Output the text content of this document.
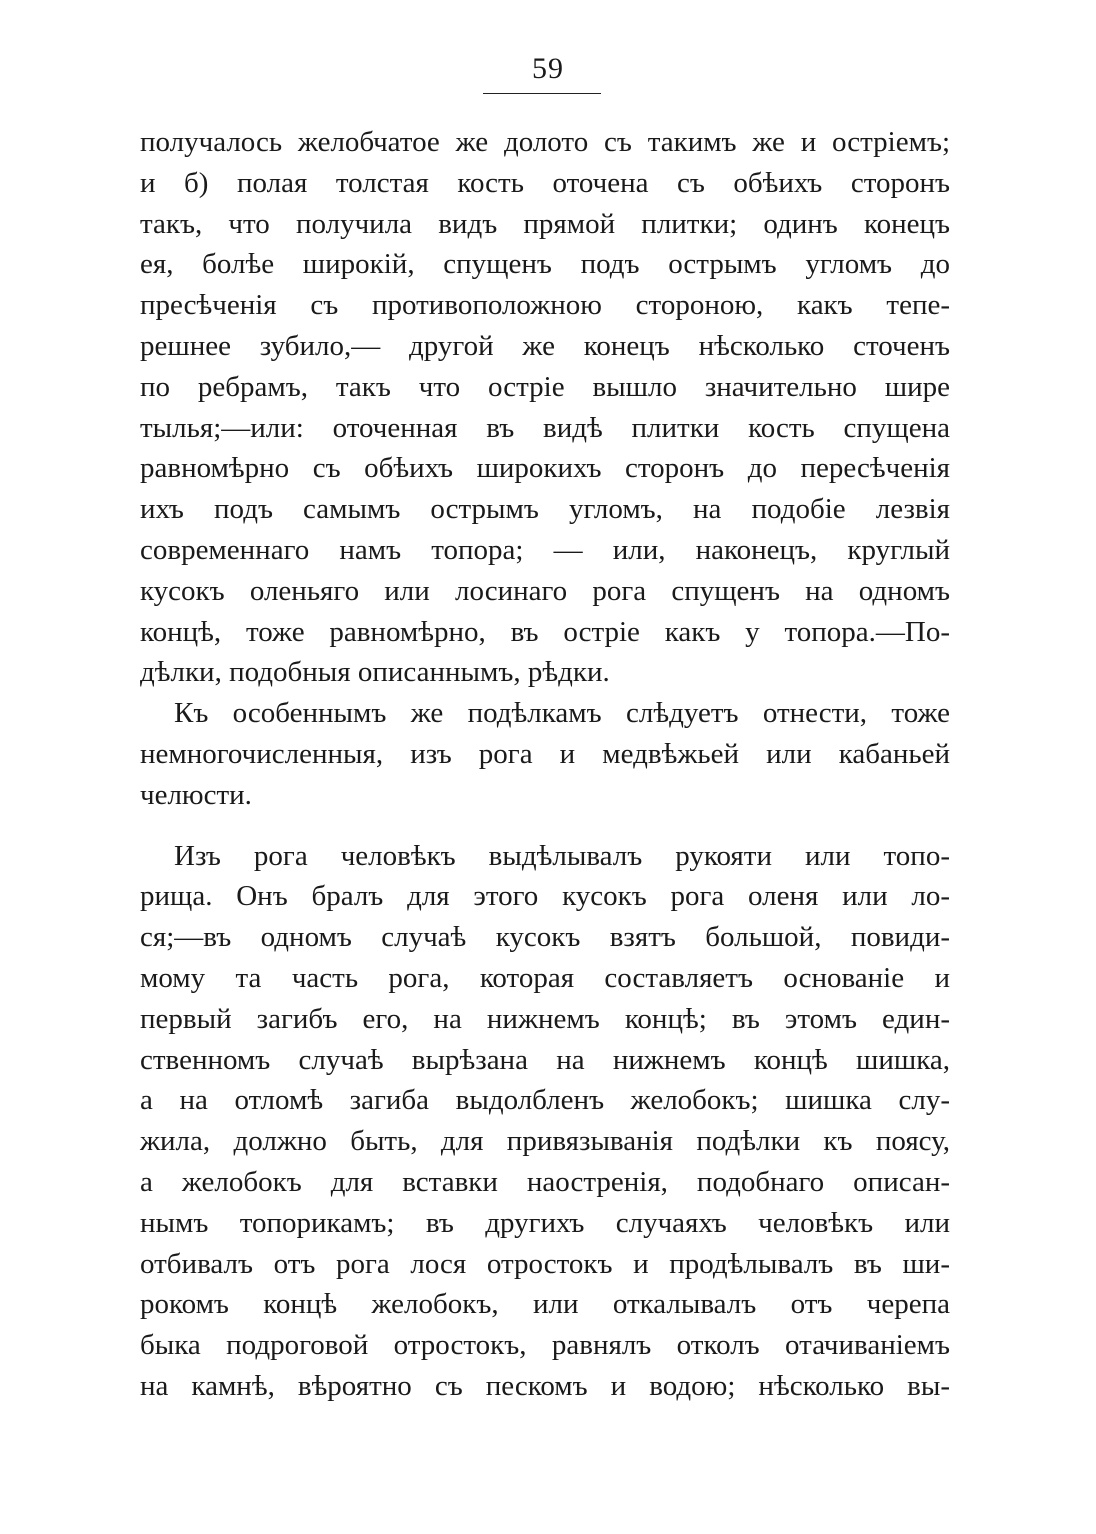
59
получалось желобчатое же долото съ такимъ же и остріемъ;
и б) полая толстая кость оточена съ обѣихъ сторонъ
такъ, что получила видъ прямой плитки; одинъ конецъ
ея, болѣе широкій, спущенъ подъ острымъ угломъ до
пресѣченія съ противоположною стороною, какъ тепе-
решнее зубило,— другой же конецъ нѣсколько сточенъ
по ребрамъ, такъ что остріе вышло значительно шире
тылья;—или: оточенная въ видѣ плитки кость спущена
равномѣрно съ обѣихъ широкихъ сторонъ до пересѣченія
ихъ подъ самымъ острымъ угломъ, на подобіе лезвія
современнаго намъ топора; — или, наконецъ, круглый
кусокъ оленьяго или лосинаго рога спущенъ на одномъ
концѣ, тоже равномѣрно, въ остріе какъ у топора.—По-
дѣлки, подобныя описаннымъ, рѣдки.
Къ особеннымъ же подѣлкамъ слѣдуетъ отнести, тоже
немногочисленныя, изъ рога и медвѣжьей или кабаньей
челюсти.
Изъ рога человѣкъ выдѣлывалъ рукояти или топо-
рища. Онъ бралъ для этого кусокъ рога оленя или ло-
ся;—въ одномъ случаѣ кусокъ взятъ большой, повиди-
мому та часть рога, которая составляетъ основаніе и
первый загибъ его, на нижнемъ концѣ; въ этомъ един-
ственномъ случаѣ вырѣзана на нижнемъ концѣ шишка,
а на отломѣ загиба выдолбленъ желобокъ; шишка слу-
жила, должно быть, для привязыванія подѣлки къ поясу,
а желобокъ для вставки наостренія, подобнаго описан-
нымъ топорикамъ; въ другихъ случаяхъ человѣкъ или
отбивалъ отъ рога лося отростокъ и продѣлывалъ въ ши-
рокомъ концѣ желобокъ, или откалывалъ отъ черепа
быка подроговой отростокъ, равнялъ отколъ отачиваніемъ
на камнѣ, вѣроятно съ пескомъ и водою; нѣсколько вы-
